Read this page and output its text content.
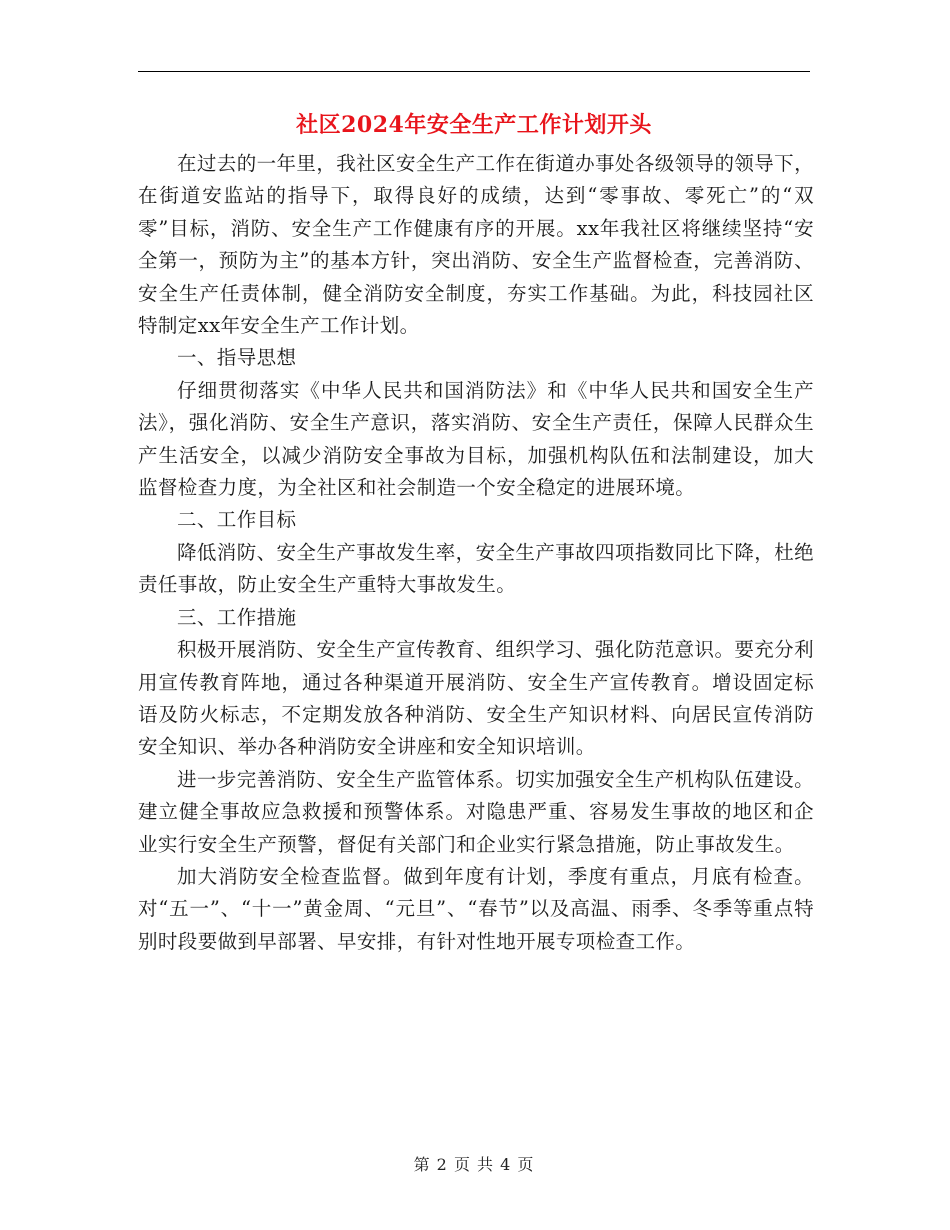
社区2024年安全生产工作计划开头

在过去的一年里，我社区安全生产工作在街道办事处各级领导的领导下，在街道安监站的指导下，取得良好的成绩，达到“零事故、零死亡”的“双零”目标，消防、安全生产工作健康有序的开展。xx年我社区将继续坚持“安全第一，预防为主”的基本方针，突出消防、安全生产监督检查，完善消防、安全生产任责体制，健全消防安全制度，夯实工作基础。为此，科技园社区特制定xx年安全生产工作计划。

一、指导思想

仔细贯彻落实《中华人民共和国消防法》和《中华人民共和国安全生产法》，强化消防、安全生产意识，落实消防、安全生产责任，保障人民群众生产生活安全，以减少消防安全事故为目标，加强机构队伍和法制建设，加大监督检查力度，为全社区和社会制造一个安全稳定的进展环境。

二、工作目标

降低消防、安全生产事故发生率，安全生产事故四项指数同比下降，杜绝责任事故，防止安全生产重特大事故发生。

三、工作措施

积极开展消防、安全生产宣传教育、组织学习、强化防范意识。要充分利用宣传教育阵地，通过各种渠道开展消防、安全生产宣传教育。增设固定标语及防火标志，不定期发放各种消防、安全生产知识材料、向居民宣传消防安全知识、举办各种消防安全讲座和安全知识培训。

进一步完善消防、安全生产监管体系。切实加强安全生产机构队伍建设。建立健全事故应急救援和预警体系。对隐患严重、容易发生事故的地区和企业实行安全生产预警，督促有关部门和企业实行紧急措施，防止事故发生。

加大消防安全检查监督。做到年度有计划，季度有重点，月底有检查。对“五一”、“十一”黄金周、“元旦”、“春节”以及高温、雨季、冬季等重点特别时段要做到早部署、早安排，有针对性地开展专项检查工作。

第 2 页 共 4 页
